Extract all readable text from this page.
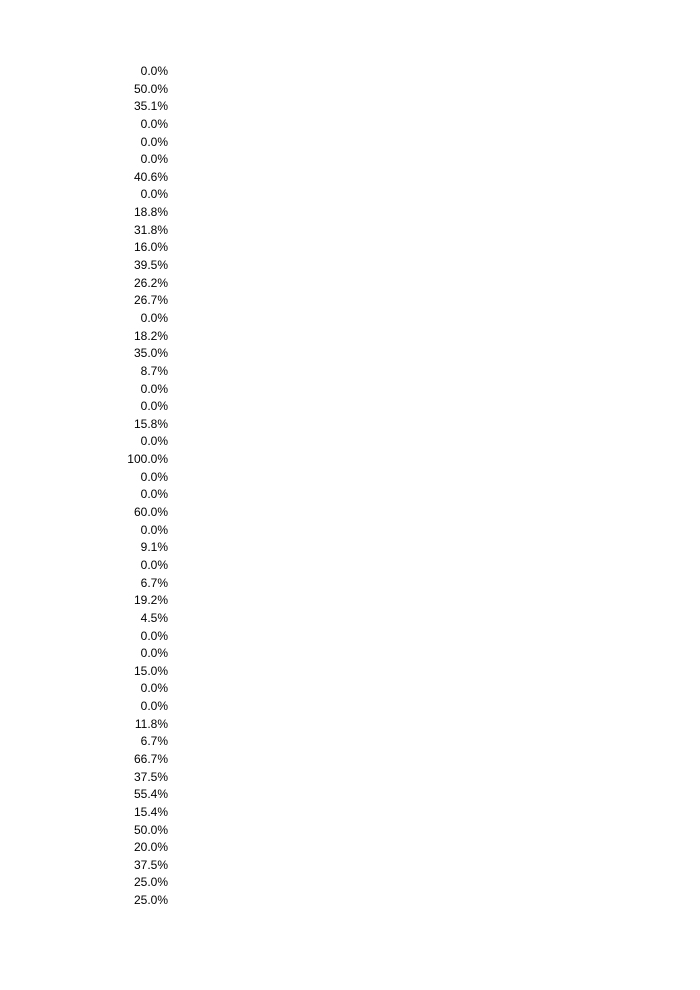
0.0%
50.0%
35.1%
0.0%
0.0%
0.0%
40.6%
0.0%
18.8%
31.8%
16.0%
39.5%
26.2%
26.7%
0.0%
18.2%
35.0%
8.7%
0.0%
0.0%
15.8%
0.0%
100.0%
0.0%
0.0%
60.0%
0.0%
9.1%
0.0%
6.7%
19.2%
4.5%
0.0%
0.0%
15.0%
0.0%
0.0%
11.8%
6.7%
66.7%
37.5%
55.4%
15.4%
50.0%
20.0%
37.5%
25.0%
25.0%
